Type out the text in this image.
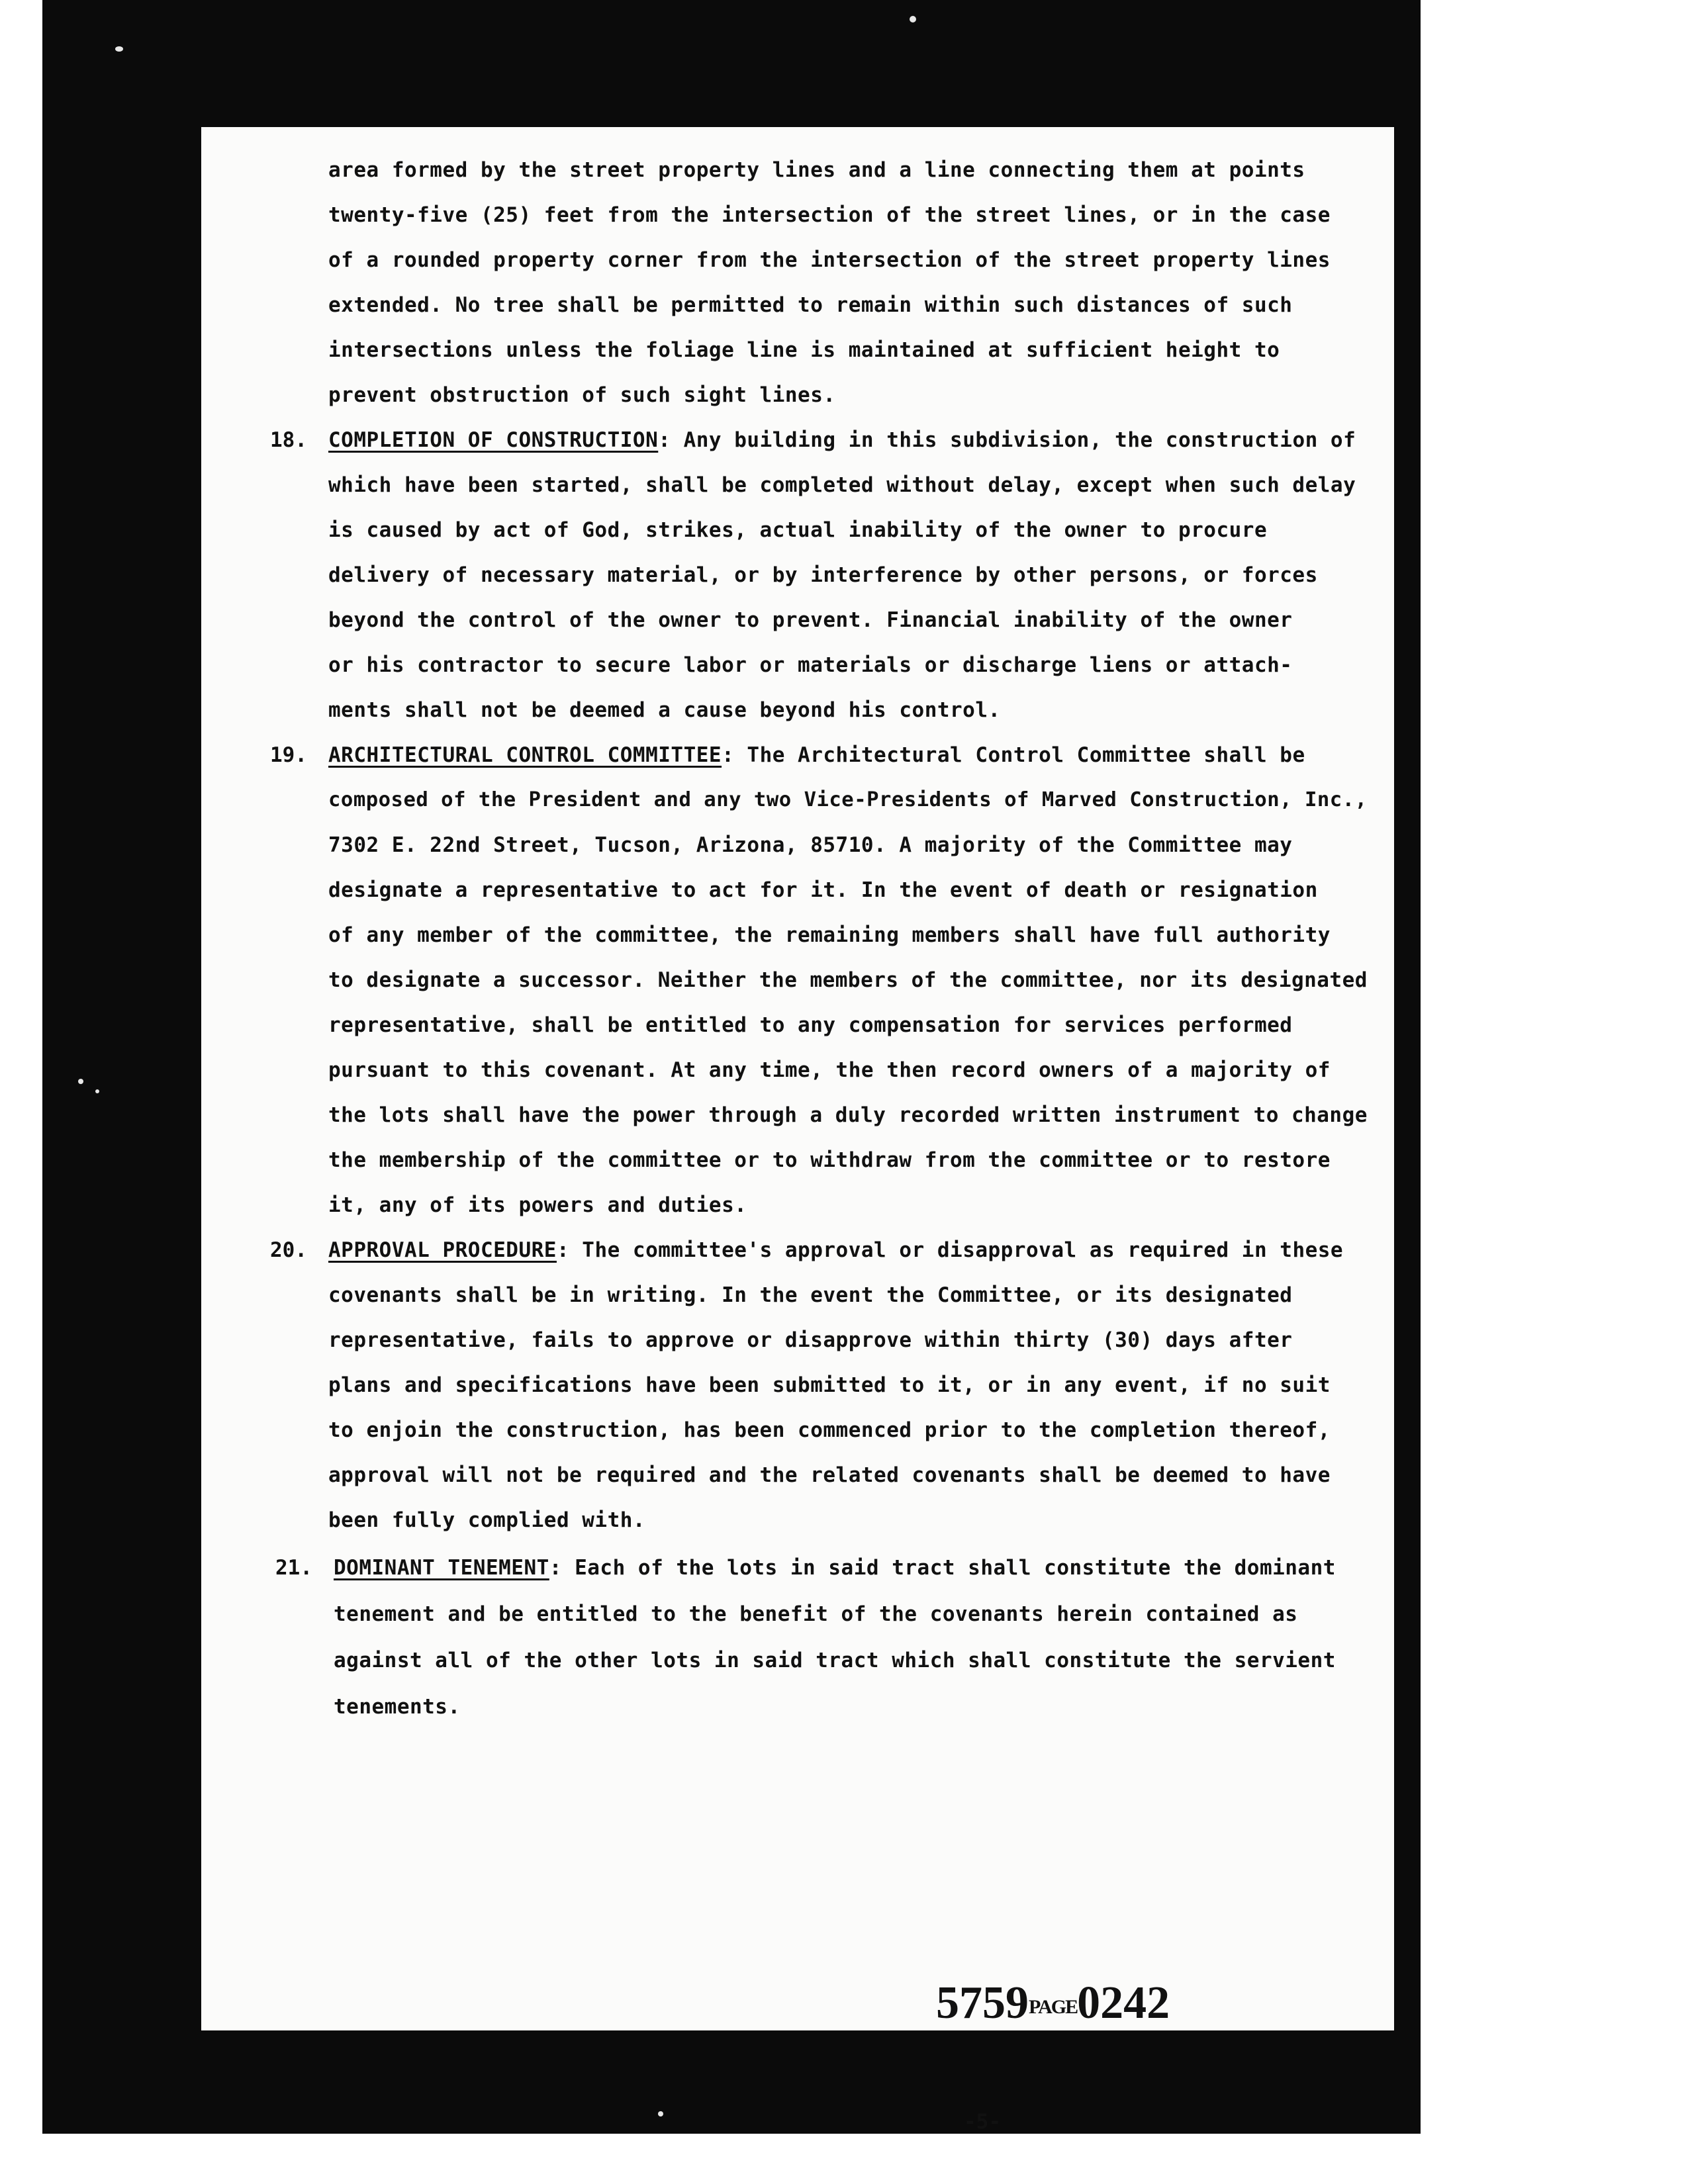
area formed by the street property lines and a line connecting them at points

twenty-five (25) feet from the intersection of the street lines, or in the case

of a rounded property corner from the intersection of the street property lines

extended. No tree shall be permitted to remain within such distances of such

intersections unless the foliage line is maintained at sufficient height to

prevent obstruction of such sight lines.

18. COMPLETION OF CONSTRUCTION: Any building in this subdivision, the construction of

which have been started, shall be completed without delay, except when such delay

is caused by act of God, strikes, actual inability of the owner to procure

delivery of necessary material, or by interference by other persons, or forces

beyond the control of the owner to prevent. Financial inability of the owner

or his contractor to secure labor or materials or discharge liens or attach-

ments shall not be deemed a cause beyond his control.

19. ARCHITECTURAL CONTROL COMMITTEE: The Architectural Control Committee shall be

composed of the President and any two Vice-Presidents of Marved Construction, Inc.,

7302 E. 22nd Street, Tucson, Arizona, 85710. A majority of the Committee may

designate a representative to act for it. In the event of death or resignation

of any member of the committee, the remaining members shall have full authority

to designate a successor. Neither the members of the committee, nor its designated

representative, shall be entitled to any compensation for services performed

pursuant to this covenant. At any time, the then record owners of a majority of

the lots shall have the power through a duly recorded written instrument to change

the membership of the committee or to withdraw from the committee or to restore

it, any of its powers and duties.

20. APPROVAL PROCEDURE: The committee's approval or disapproval as required in these

covenants shall be in writing. In the event the Committee, or its designated

representative, fails to approve or disapprove within thirty (30) days after

plans and specifications have been submitted to it, or in any event, if no suit

to enjoin the construction, has been commenced prior to the completion thereof,

approval will not be required and the related covenants shall be deemed to have

been fully complied with.

21. DOMINANT TENEMENT: Each of the lots in said tract shall constitute the dominant

tenement and be entitled to the benefit of the covenants herein contained as

against all of the other lots in said tract which shall constitute the servient

tenements.

5759PAGE0242
-5-
